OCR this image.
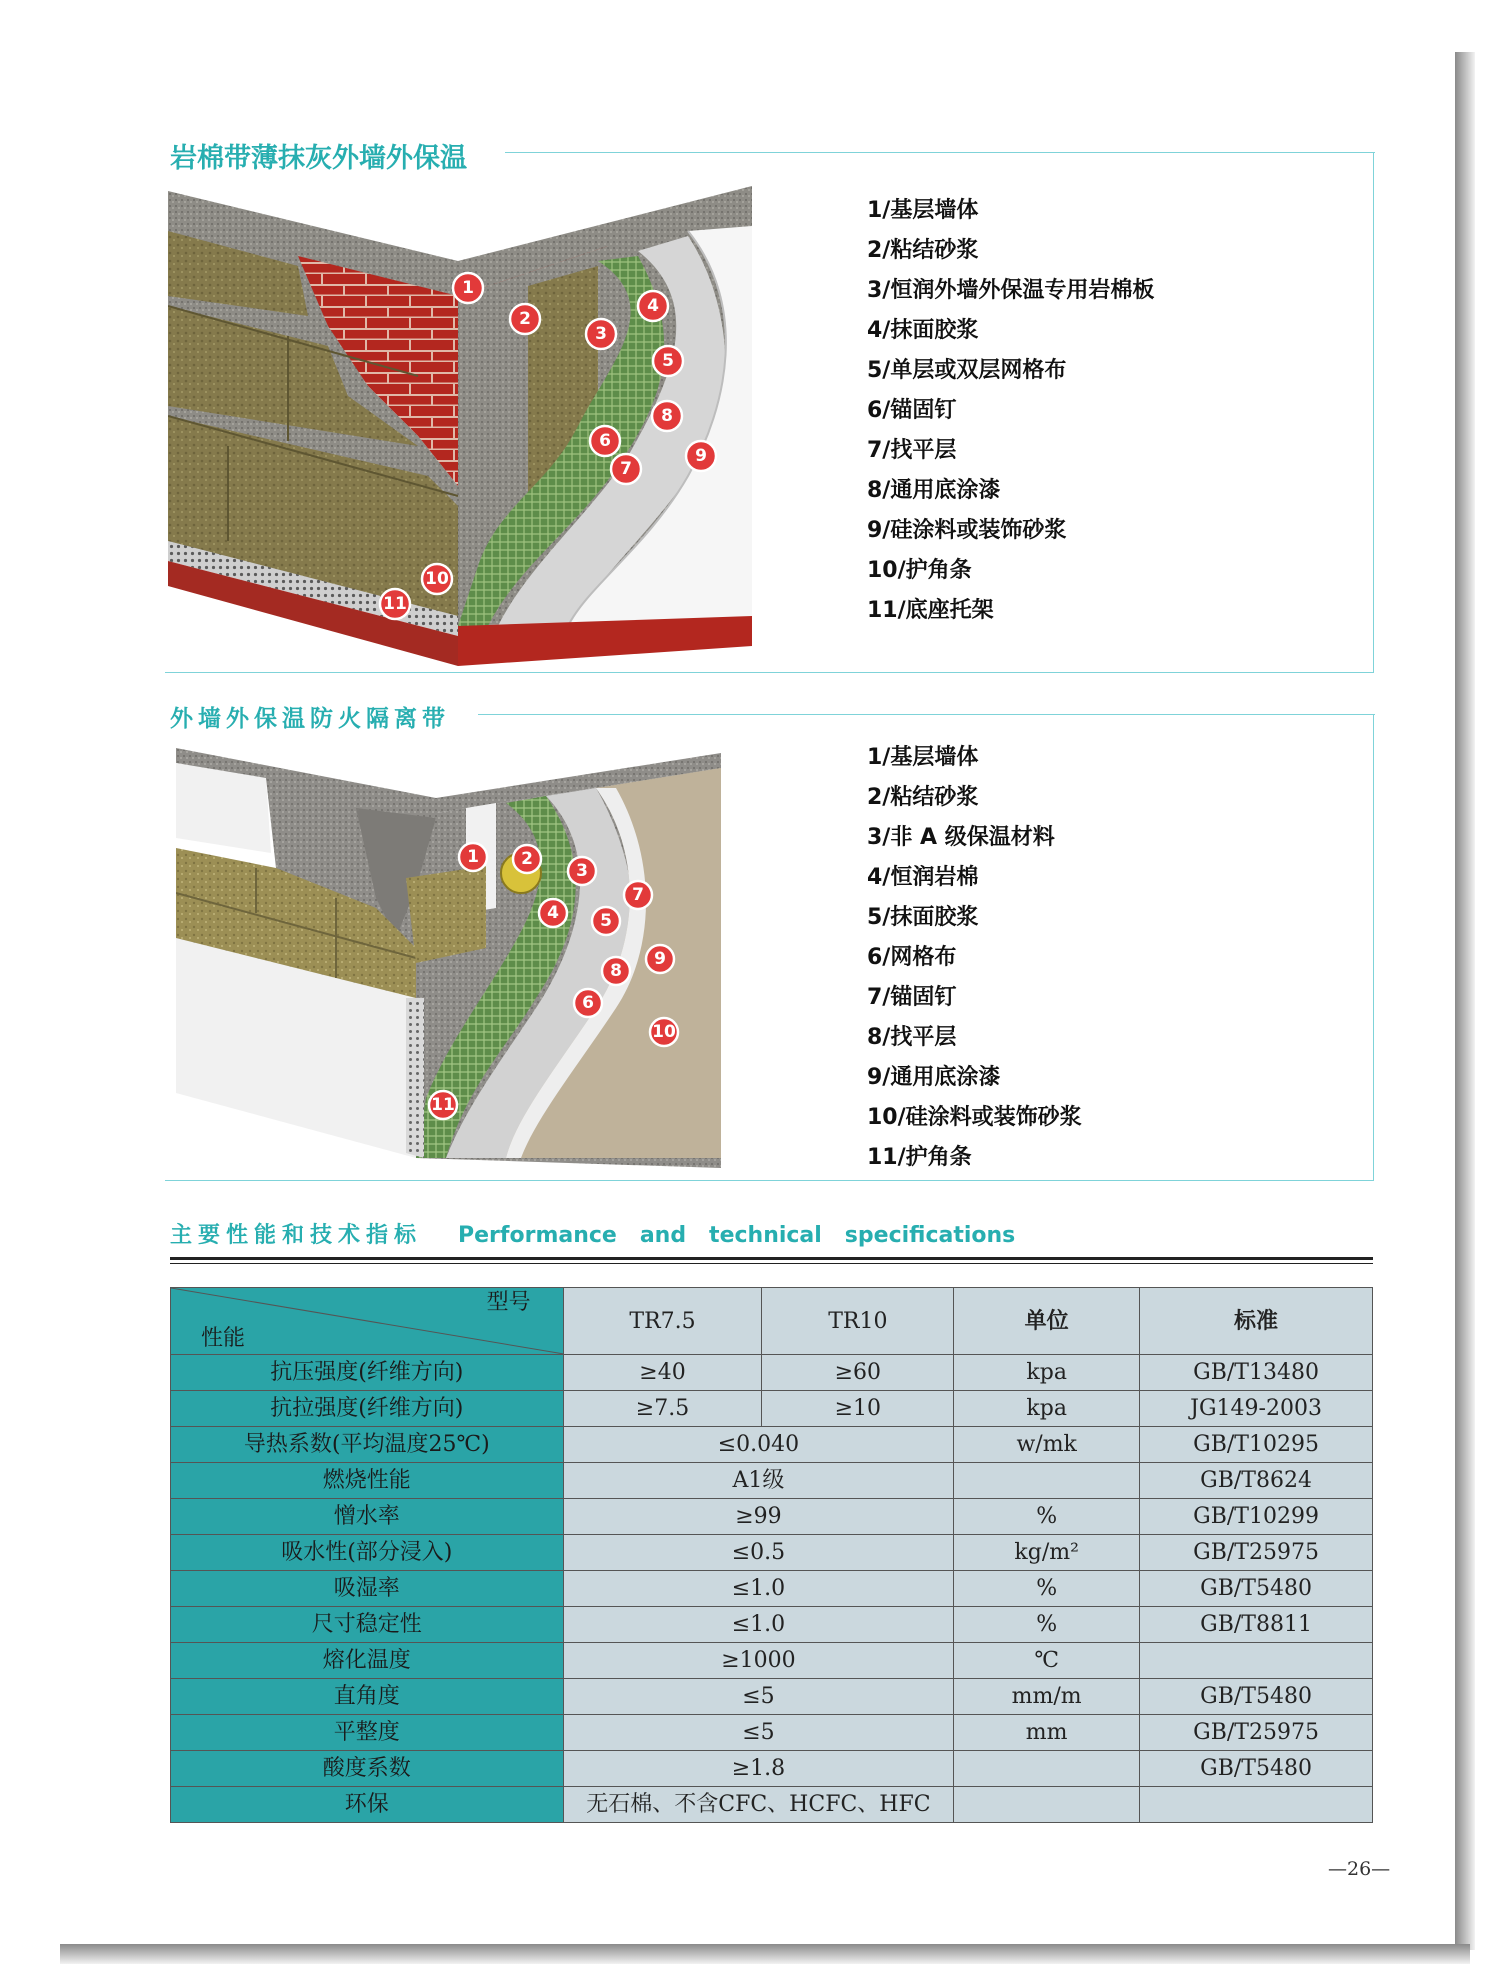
岩棉带薄抹灰外墙外保温
1
2
3
4
5
6
7
8
9
10
11
1/基层墙体
2/粘结砂浆
3/恒润外墙外保温专用岩棉板
4/抹面胶浆
5/单层或双层网格布
6/锚固钉
7/找平层
8/通用底涂漆
9/硅涂料或装饰砂浆
10/护角条
11/底座托架
外墙外保温防火隔离带
1 2
3
4 5
6
7
8
9
10
11
1/基层墙体
2/粘结砂浆
3/非 A 级保温材料
4/恒润岩棉
5/抹面胶浆
6/网格布
7/锚固钉
8/找平层
9/通用底涂漆
10/硅涂料或装饰砂浆
11/护角条
主要性能和技术指标 Performance   and   technical   specifications
型号
性能	TR7.5	TR10	单位	标准
抗压强度(纤维方向)	≥40	≥60	kpa	GB/T13480
抗拉强度(纤维方向)	≥7.5	≥10	kpa	JG149-2003
导热系数(平均温度25℃)	≤0.040		w/mk	GB/T10295
燃烧性能	A1级			GB/T8624
憎水率	≥99		%	GB/T10299
吸水性(部分浸入)	≤0.5		kg/m²	GB/T25975
吸湿率	≤1.0		%	GB/T5480
尺寸稳定性	≤1.0		%	GB/T8811
熔化温度	≥1000		℃	
直角度	≤5		mm/m	GB/T5480
平整度	≤5		mm	GB/T25975
酸度系数	≥1.8			GB/T5480
环保	无石棉、不含CFC、HCFC、HFC			
—26—
